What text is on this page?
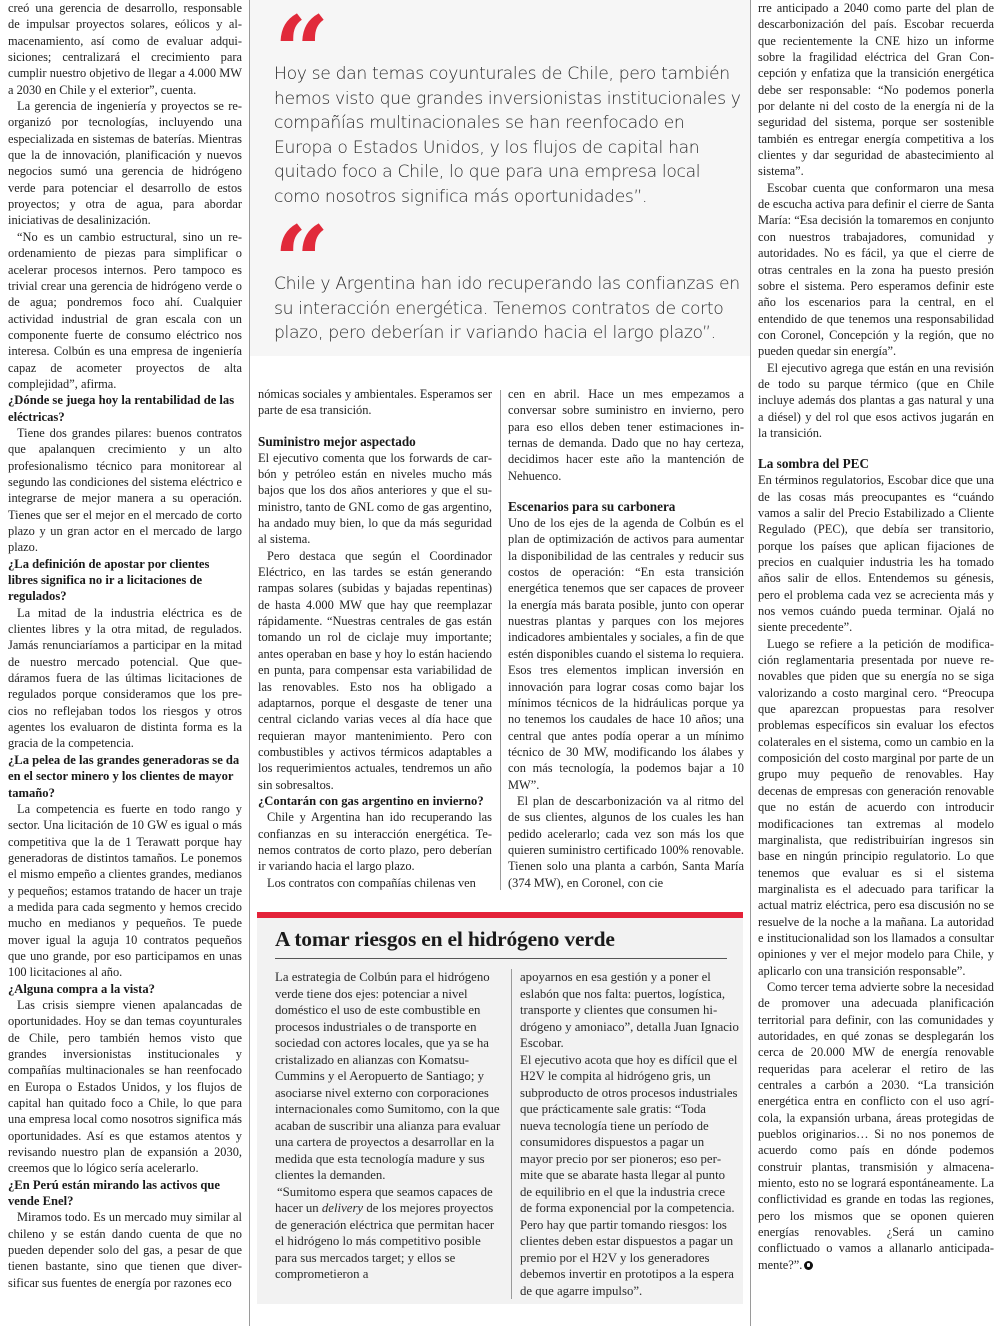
creó una gerencia de desarrollo, responsable de impulsar proyectos solares, eólicos y almacenamiento, así como de evaluar adquisiciones; centralizará el crecimiento para cumplir nuestro objetivo de llegar a 4.000 MW a 2030 en Chile y el exterior”, cuenta.

La gerencia de ingeniería y proyectos se reorganizó por tecnologías, incluyendo una especializada en sistemas de baterías. Mientras que la de innovación, planificación y nuevos negocios sumó una gerencia de hidrógeno verde para potenciar el desarrollo de estos proyectos; y otra de agua, para abordar iniciativas de desalinización.

“No es un cambio estructural, sino un reordenamiento de piezas para simplificar o acelerar procesos internos. Pero tampoco es trivial crear una gerencia de hidrógeno verde o de agua; pondremos foco ahí. Cualquier actividad industrial de gran escala con un componente fuerte de consumo eléctrico nos interesa. Colbún es una empresa de ingeniería capaz de acometer proyectos de alta complejidad”, afirma.

¿Dónde se juega hoy la rentabilidad de las eléctricas?

Tiene dos grandes pilares: buenos contratos que apalanquen crecimiento y un alto profesionalismo técnico para monitorear al segundo las condiciones del sistema eléctrico e integrarse de mejor manera a su operación. Tienes que ser el mejor en el mercado de corto plazo y un gran actor en el mercado de largo plazo.

¿La definición de apostar por clientes libres significa no ir a licitaciones de regulados?

La mitad de la industria eléctrica es de clientes libres y la otra mitad, de regulados. Jamás renunciaríamos a participar en la mitad de nuestro mercado potencial. Que quedáramos fuera de las últimas licitaciones de regulados porque consideramos que los precios no reflejaban todos los riesgos y otros agentes los evaluaron de distinta forma es la gracia de la competencia.

¿La pelea de las grandes generadoras se da en el sector minero y los clientes de mayor tamaño?

La competencia es fuerte en todo rango y sector. Una licitación de 10 GW es igual o más competitiva que la de 1 Terawatt porque hay generadoras de distintos tamaños. Le ponemos el mismo empeño a clientes grandes, medianos y pequeños; estamos tratando de hacer un traje a medida para cada segmento y hemos crecido mucho en medianos y pequeños. Te puede mover igual la aguja 10 contratos pequeños que uno grande, por eso participamos en unas 100 licitaciones al año.

¿Alguna compra a la vista?

Las crisis siempre vienen apalancadas de oportunidades. Hoy se dan temas coyunturales de Chile, pero también hemos visto que grandes inversionistas institucionales y compañías multinacionales se han reenfocado en Europa o Estados Unidos, y los flujos de capital han quitado foco a Chile, lo que para una empresa local como nosotros significa más oportunidades. Así es que estamos atentos y revisando nuestro plan de expansión a 2030, creemos que lo lógico sería acelerarlo.

¿En Perú están mirando las activos que vende Enel?

Miramos todo. Es un mercado muy similar al chileno y se están dando cuenta de que no pueden depender solo del gas, a pesar de que tienen bastante, sino que tienen que diversificar sus fuentes de energía por razones eco

“
Hoy se dan temas coyunturales de Chile, pero también hemos visto que grandes inversionistas institucionales y compañías multinacionales se han reenfocado en Europa o Estados Unidos, y los flujos de capital han quitado foco a Chile, lo que para una empresa local como nosotros significa más oportunidades”.
“
Chile y Argentina han ido recuperando las confianzas en su interacción energética. Tenemos contratos de corto plazo, pero deberían ir variando hacia el largo plazo”.

nómicas sociales y ambientales. Esperamos ser parte de esa transición.

Suministro mejor aspectado

El ejecutivo comenta que los forwards de carbón y petróleo están en niveles mucho más bajos que los dos años anteriores y que el suministro, tanto de GNL como de gas argentino, ha andado muy bien, lo que da más seguridad al sistema.

Pero destaca que según el Coordinador Eléctrico, en las tardes se están generando rampas solares (subidas y bajadas repentinas) de hasta 4.000 MW que hay que reemplazar rápidamente. “Nuestras centrales de gas están tomando un rol de ciclaje muy importante; antes operaban en base y hoy lo están haciendo en punta, para compensar esta variabilidad de las renovables. Esto nos ha obligado a adaptarnos, porque el desgaste de tener una central ciclando varias veces al día hace que requieran mayor mantenimiento. Pero con combustibles y activos térmicos adaptables a los requerimientos actuales, tendremos un año sin sobresaltos.

¿Contarán con gas argentino en invierno?

Chile y Argentina han ido recuperando las confianzas en su interacción energética. Tenemos contratos de corto plazo, pero deberían ir variando hacia el largo plazo.

Los contratos con compañías chilenas ven

cen en abril. Hace un mes empezamos a conversar sobre suministro en invierno, pero para eso ellos deben tener estimaciones internas de demanda. Dado que no hay certeza, decidimos hacer este año la mantención de Nehuenco.

Escenarios para su carbonera

Uno de los ejes de la agenda de Colbún es el plan de optimización de activos para aumentar la disponibilidad de las centrales y reducir sus costos de operación: “En esta transición energética tenemos que ser capaces de proveer la energía más barata posible, junto con operar nuestras plantas y parques con los mejores indicadores ambientales y sociales, a fin de que estén disponibles cuando el sistema lo requiera. Esos tres elementos implican inversión en innovación para lograr cosas como bajar los mínimos técnicos de la hidráulicas porque ya no tenemos los caudales de hace 10 años; una central que antes podía operar a un mínimo técnico de 30 MW, modificando los álabes y con más tecnología, la podemos bajar a 10 MW”.

El plan de descarbonización va al ritmo del de sus clientes, algunos de los cuales les han pedido acelerarlo; cada vez son más los que quieren suministro certificado 100% renovable. Tienen solo una planta a carbón, Santa María (374 MW), en Coronel, con cie

A tomar riesgos en el hidrógeno verde

La estrategia de Colbún para el hidrógeno verde tiene dos ejes: potenciar a nivel doméstico el uso de este combustible en procesos industriales o de transporte en sociedad con actores locales, que ya se ha cristalizado en alianzas con Komatsu-Cummins y el Aeropuerto de Santiago; y asociarse nivel externo con corporaciones internacionales como Sumitomo, con la que acaban de suscribir una alianza para evaluar una cartera de proyectos a desarrollar en la medida que esta tecnología madure y sus clientes la demanden.

“Sumitomo espera que seamos capaces de hacer un delivery de los mejores proyectos de generación eléctrica que permitan hacer el hidrógeno lo más competitivo posible para sus mercados target; y ellos se comprometieron a

apoyarnos en esa gestión y a poner el eslabón que nos falta: puertos, logística, transporte y clientes que consumen hidrógeno y amoniaco”, detalla Juan Ignacio Escobar.

El ejecutivo acota que hoy es difícil que el H2V le compita al hidrógeno gris, un subproducto de otros procesos industriales que prácticamente sale gratis: “Toda nueva tecnología tiene un período de consumidores dispuestos a pagar un mayor precio por ser pioneros; eso permite que se abarate hasta llegar al punto de equilibrio en el que la industria crece de forma exponencial por la competencia. Pero hay que partir tomando riesgos: los clientes deben estar dispuestos a pagar un premio por el H2V y los generadores debemos invertir en prototipos a la espera de que agarre impulso”.

rre anticipado a 2040 como parte del plan de descarbonización del país. Escobar recuerda que recientemente la CNE hizo un informe sobre la fragilidad eléctrica del Gran Concepción y enfatiza que la transición energética debe ser responsable: “No podemos ponerla por delante ni del costo de la energía ni de la seguridad del sistema, porque ser sostenible también es entregar energía competitiva a los clientes y dar seguridad de abastecimiento al sistema”.

Escobar cuenta que conformaron una mesa de escucha activa para definir el cierre de Santa María: “Esa decisión la tomaremos en conjunto con nuestros trabajadores, comunidad y autoridades. No es fácil, ya que el cierre de otras centrales en la zona ha puesto presión sobre el sistema. Pero esperamos definir este año los escenarios para la central, en el entendido de que tenemos una responsabilidad con Coronel, Concepción y la región, que no pueden quedar sin energía”.

El ejecutivo agrega que están en una revisión de todo su parque térmico (que en Chile incluye además dos plantas a gas natural y una a diésel) y del rol que esos activos jugarán en la transición.

La sombra del PEC

En términos regulatorios, Escobar dice que una de las cosas más preocupantes es “cuándo vamos a salir del Precio Estabilizado a Cliente Regulado (PEC), que debía ser transitorio, porque los países que aplican fijaciones de precios en cualquier industria les ha tomado años salir de ellos. Entendemos su génesis, pero el problema cada vez se acrecienta más y nos vemos cuándo pueda terminar. Ojalá no siente precedente”.

Luego se refiere a la petición de modificación reglamentaria presentada por nueve renovables que piden que su energía no se siga valorizando a costo marginal cero. “Preocupa que aparezcan propuestas para resolver problemas específicos sin evaluar los efectos colaterales en el sistema, como un cambio en la composición del costo marginal por parte de un grupo muy pequeño de renovables. Hay decenas de empresas con generación renovable que no están de acuerdo con introducir modificaciones tan extremas al modelo marginalista, que redistribuirían ingresos sin base en ningún principio regulatorio. Lo que tenemos que evaluar es si el sistema marginalista es el adecuado para tarificar la actual matriz eléctrica, pero esa discusión no se resuelve de la noche a la mañana. La autoridad e institucionalidad son los llamados a consultar opiniones y ver el mejor modelo para Chile, y aplicarlo con una transición responsable”.

Como tercer tema advierte sobre la necesidad de promover una adecuada planificación territorial para definir, con las comunidades y autoridades, en qué zonas se desplegarán los cerca de 20.000 MW de energía renovable requeridas para acelerar el retiro de las centrales a carbón a 2030. “La transición energética entra en conflicto con el uso agrícola, la expansión urbana, áreas protegidas de pueblos originarios… Si no nos ponemos de acuerdo como país en dónde podemos construir plantas, transmisión y almacenamiento, esto no se logrará espontáneamente. La conflictividad es grande en todas las regiones, pero los mismos que se oponen quieren energías renovables. ¿Será un camino conflictuado o vamos a allanarlo anticipadamente?”.
